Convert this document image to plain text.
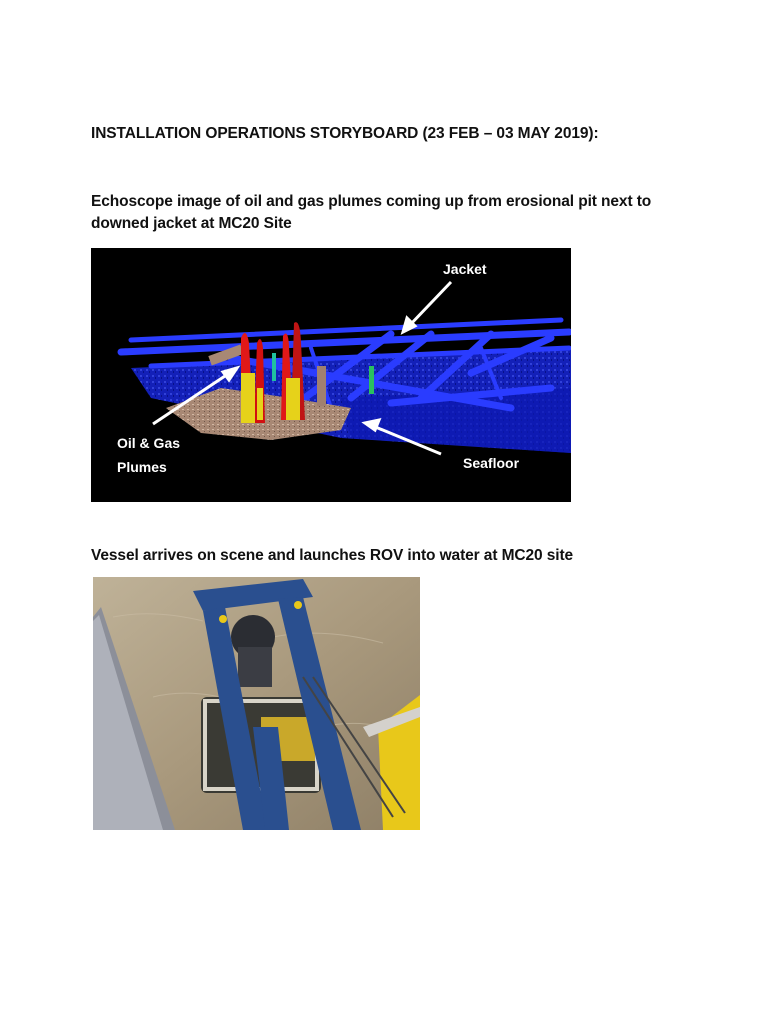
INSTALLATION OPERATIONS STORYBOARD (23 FEB – 03 MAY 2019):

Echoscope image of oil and gas plumes coming up from erosional pit next to downed jacket at MC20 Site

Jacket
Oil & Gas
Plumes	Seafloor

Vessel arrives on scene and launches ROV into water at MC20 site
